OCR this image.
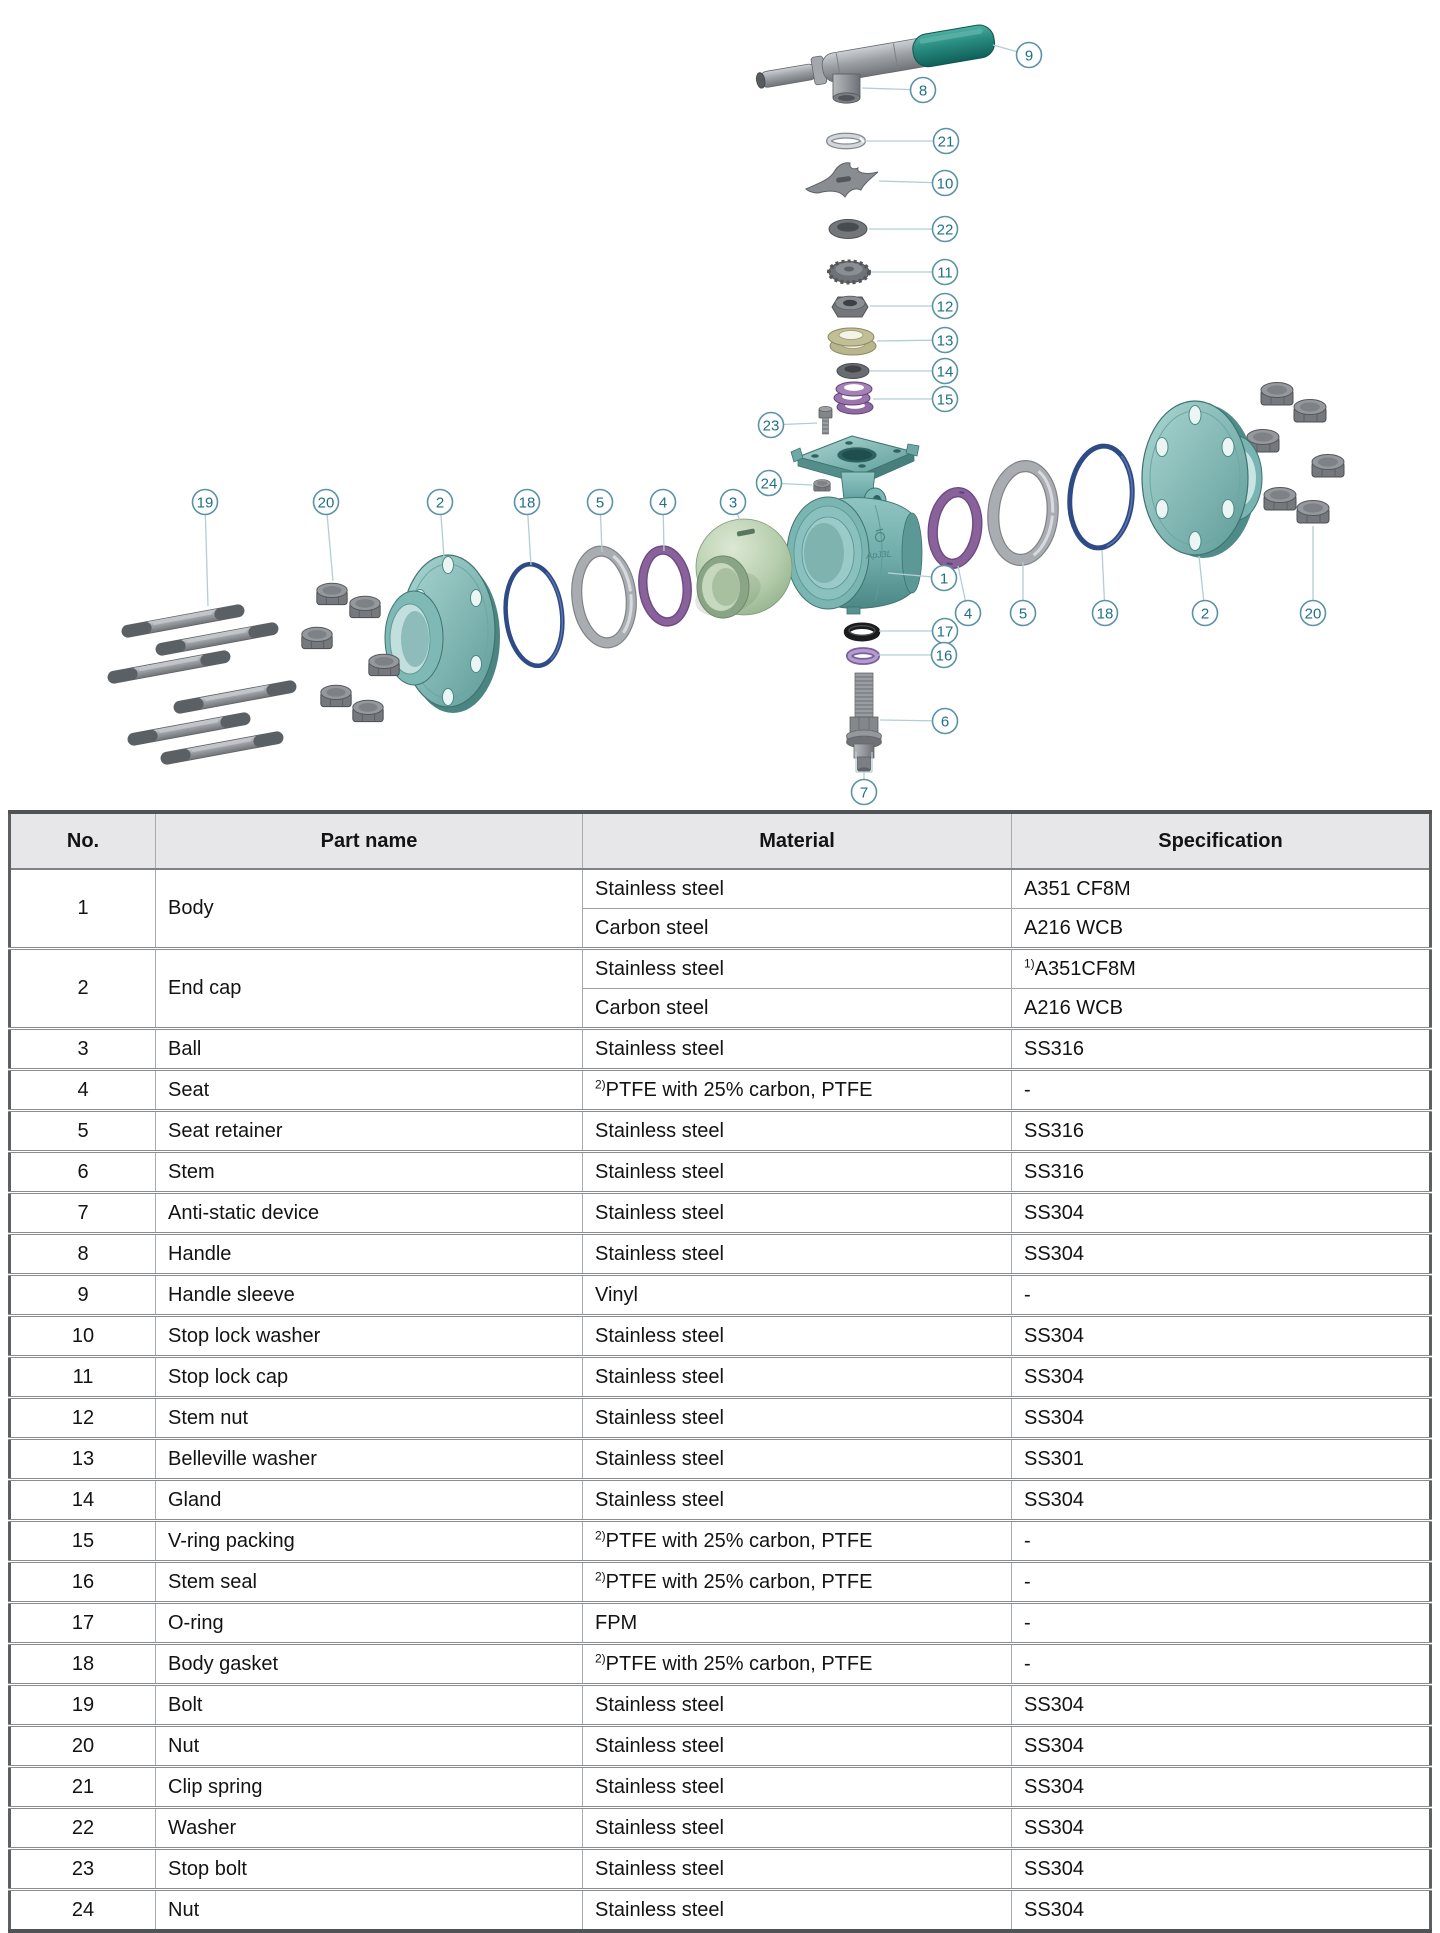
ApJ3L
9
8
21
10
22
11
12
13
14
15
23
24
19	20	2	18	5	4	3
1
4	5	18	2	20
17
16
6
7
No.	Part name	Material	Specification
1	Body	Stainless steel	A351 CF8M
		Carbon steel	A216 WCB
2	End cap	Stainless steel	$^{1)}$A351CF8M
		Carbon steel	A216 WCB
3	Ball	Stainless steel	SS316
4	Seat	$^{2)}$PTFE with 25% carbon, PTFE	-
5	Seat retainer	Stainless steel	SS316
6	Stem	Stainless steel	SS316
7	Anti-static device	Stainless steel	SS304
8	Handle	Stainless steel	SS304
9	Handle sleeve	Vinyl	-
10	Stop lock washer	Stainless steel	SS304
11	Stop lock cap	Stainless steel	SS304
12	Stem nut	Stainless steel	SS304
13	Belleville washer	Stainless steel	SS301
14	Gland	Stainless steel	SS304
15	V-ring packing	$^{2)}$PTFE with 25% carbon, PTFE	-
16	Stem seal	$^{2)}$PTFE with 25% carbon, PTFE	-
17	O-ring	FPM	-
18	Body gasket	$^{2)}$PTFE with 25% carbon, PTFE	-
19	Bolt	Stainless steel	SS304
20	Nut	Stainless steel	SS304
21	Clip spring	Stainless steel	SS304
22	Washer	Stainless steel	SS304
23	Stop bolt	Stainless steel	SS304
24	Nut	Stainless steel	SS304
